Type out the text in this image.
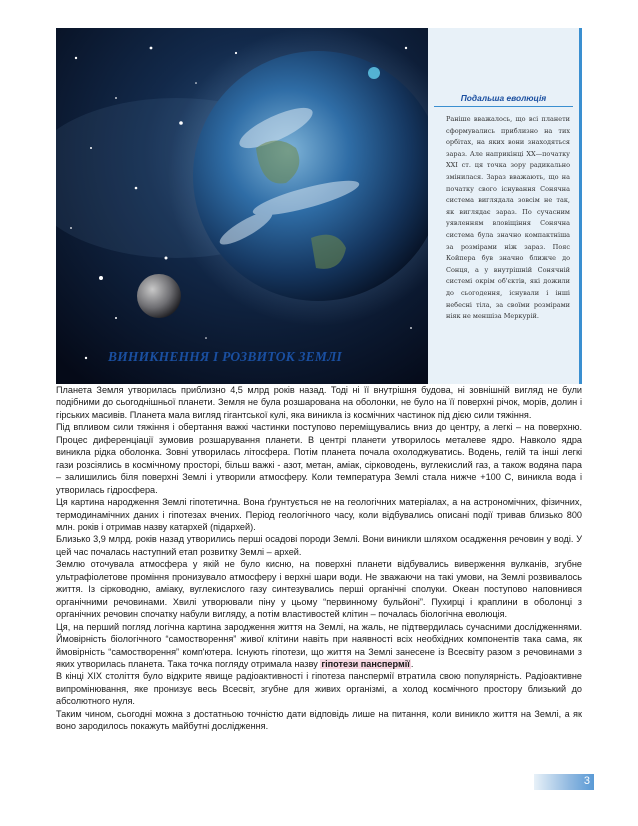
ВИНИКНЕННЯ І РОЗВИТОК ЗЕМЛІ
Подальша еволюція
Раніше вважалось, що всі планети сформувались приблизно на тих орбітах, на яких вони знаходяться зараз. Але наприкінці XX—початку XXI ст. ця точка зору радикально змінилася. Зараз вважають, що на початку свого існування Сонячна система виглядала зовсім не так, як виглядає зараз. По сучасним уявленням вловіщіння Сонячна система була значно компактніша за розмірами ніж зараз. Пояс Койпера був значно ближче до Сонця, а у внутрішній Сонячній системі окрім об'єктів, які дожили до сьогодення, існували і інші небесні тіла, за своїми розмірами ніяк не меншіза Меркурій.

Планета Земля утворилась приблизно 4,5 млрд років назад. Тоді ні її внутрішня будова, ні зовнішній вигляд не були подібними до сьогоднішньої планети. Земля не була розшарована на оболонки, не було на її поверхні річок, морів, долин і гірських масивів. Планета мала вигляд гігантської кулі, яка виникла із космічних частинок під дією сили тяжіння.

Під впливом сили тяжіння і обертання важкі частинки поступово переміщувались вниз до центру, а легкі – на поверхню. Процес диференціації зумовив розшарування планети. В центрі планети утворилось металеве ядро. Навколо ядра виникла рідка оболонка. Зовні утворилась літосфера. Потім планета почала охолоджуватись. Водень, гелій та інші легкі гази розсіялись в космічному просторі, більш важкі - азот, метан, аміак, сірководень, вуглекислий газ, а також водяна пара – залишились біля поверхні Землі і утворили атмосферу. Коли температура Землі стала нижче +100 С, виникла вода і утворилась гідросфера.

Ця картина народження Землі гіпотетична. Вона ґрунтується не на геологічних матеріалах, а на астрономічних, фізичних, термодинамічних даних і гіпотезах вчених. Період геологічного часу, коли відбувались описані події тривав близько 800 млн. років і отримав назву катархей (підархей).

Близько 3,9 млрд. років назад утворились перші осадові породи Землі. Вони виникли шляхом осадження речовин у воді. У цей час почалась наступний етап розвитку Землі – архей.

Землю оточувала атмосфера у якій не було кисню, на поверхні планети відбувались виверження вулканів, згубне ультрафіолетове проміння пронизувало атмосферу і верхні шари води. Не зважаючи на такі умови, на Землі розвивалось життя. Із сірководню, аміаку, вуглекислого газу синтезувались перші органічні сполуки. Океан поступово наповнився органічними речовинами. Хвилі утворювали піну у цьому “первинному бульйоні”. Пухирці і краплини в оболонці з органічних речовин спочатку набули вигляду, а потім властивостей клітин – почалась біологічна еволюція.

Ця, на перший погляд логічна картина зародження життя на Землі, на жаль, не підтвердилась сучасними дослідженнями. Ймовірність біологічного “самостворення” живої клітини навіть при наявності всіх необхідних компонентів така сама, як ймовірність “самостворення” комп'ютера. Існують гіпотези, що життя на Землі занесене із Всесвіту разом з речовинами з яких утворилась планета. Така точка погляду отримала назву гіпотези панспермії.

В кінці XIX століття було відкрите явище радіоактивності і гіпотеза панспермії втратила свою популярність. Радіоактивне випромінювання, яке пронизує весь Всесвіт, згубне для живих організмі, а холод космічного простору близький до абсолютного нуля.

Таким чином, сьогодні можна з достатньою точністю дати відповідь лише на питання, коли виникло життя на Землі, а як воно зародилось покажуть майбутні дослідження.

3
